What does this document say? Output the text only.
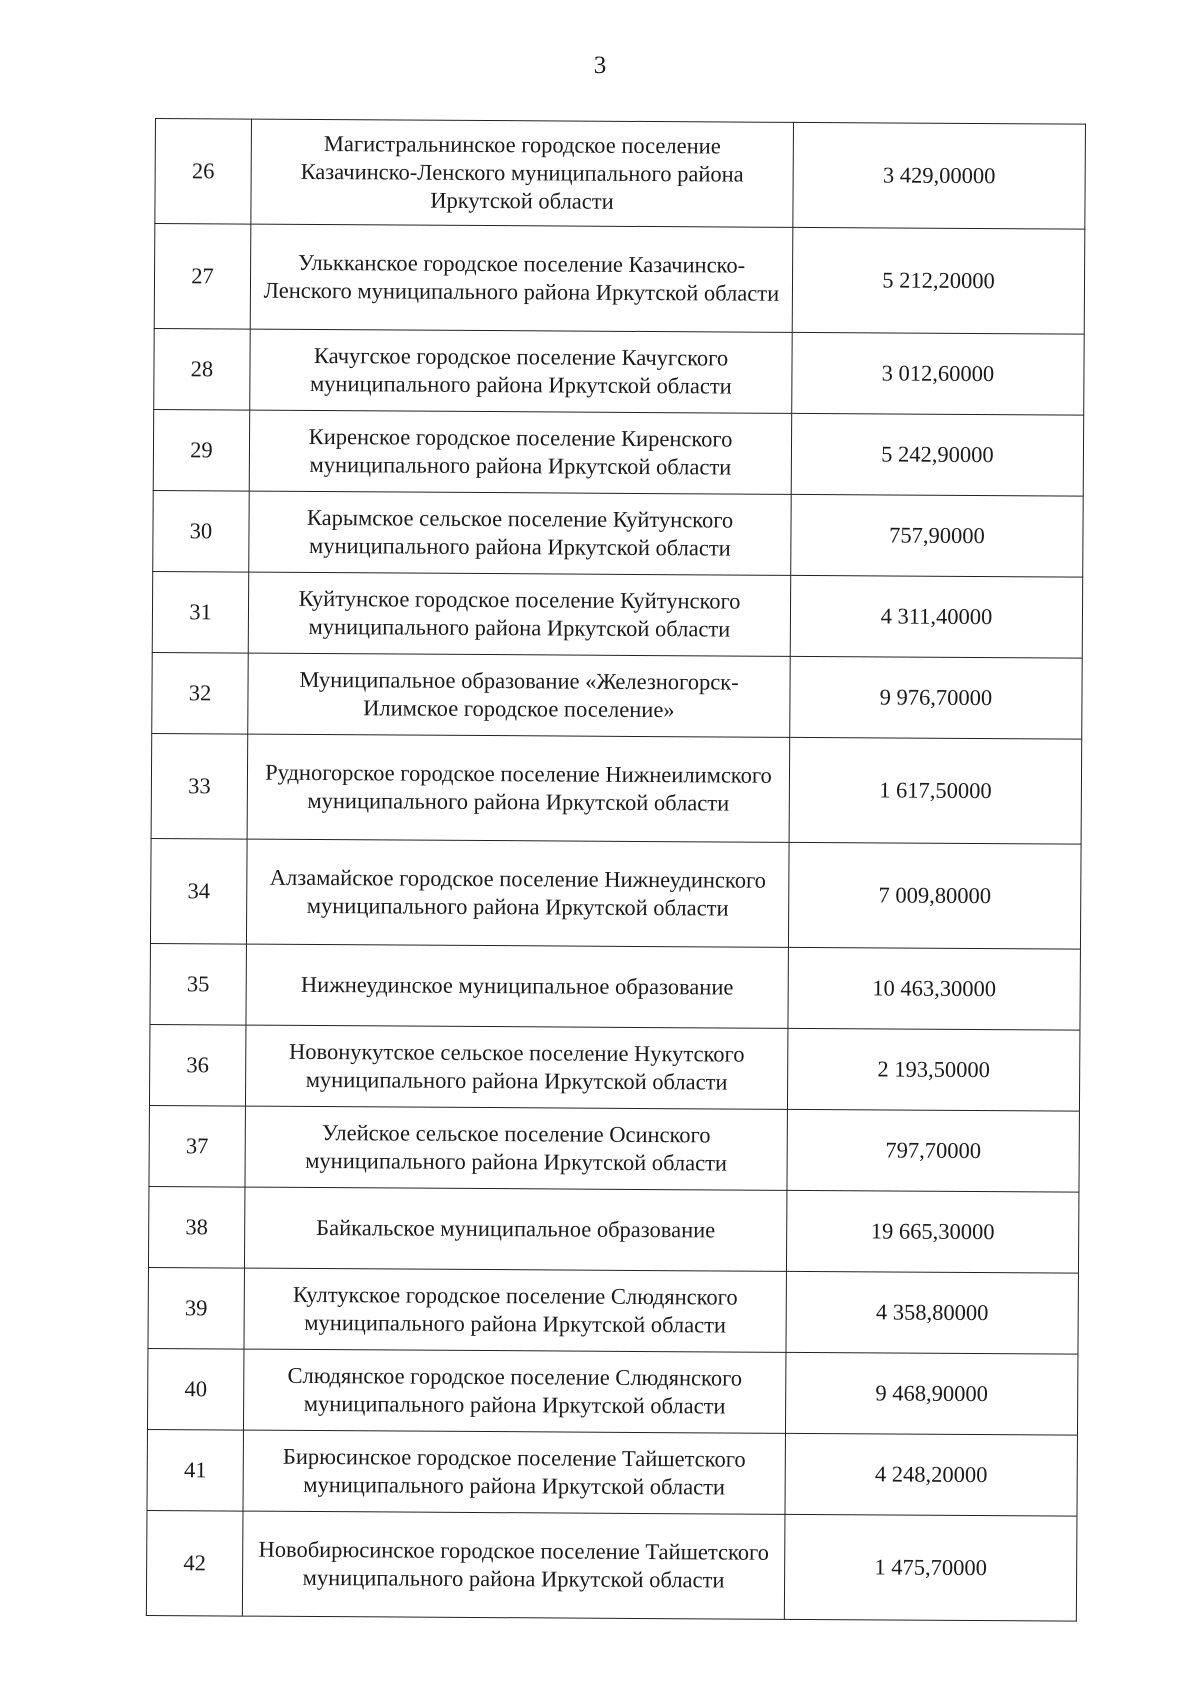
3
26	Магистральнинское городское поселение Казачинско-Ленского муниципального района Иркутской области	3 429,00000
27	Улькканское городское поселение Казачинско-Ленского муниципального района Иркутской области	5 212,20000
28	Качугское городское поселение Качугского муниципального района Иркутской области	3 012,60000
29	Киренское городское поселение Киренского муниципального района Иркутской области	5 242,90000
30	Карымское сельское поселение Куйтунского муниципального района Иркутской области	757,90000
31	Куйтунское городское поселение Куйтунского муниципального района Иркутской области	4 311,40000
32	Муниципальное образование «Железногорск-Илимское городское поселение»	9 976,70000
33	Рудногорское городское поселение Нижнеилимского муниципального района Иркутской области	1 617,50000
34	Алзамайское городское поселение Нижнеудинского муниципального района Иркутской области	7 009,80000
35	Нижнеудинское муниципальное образование	10 463,30000
36	Новонукутское сельское поселение Нукутского муниципального района Иркутской области	2 193,50000
37	Улейское сельское поселение Осинского муниципального района Иркутской области	797,70000
38	Байкальское муниципальное образование	19 665,30000
39	Култукское городское поселение Слюдянского муниципального района Иркутской области	4 358,80000
40	Слюдянское городское поселение Слюдянского муниципального района Иркутской области	9 468,90000
41	Бирюсинское городское поселение Тайшетского муниципального района Иркутской области	4 248,20000
42	Новобирюсинское городское поселение Тайшетского муниципального района Иркутской области	1 475,70000
